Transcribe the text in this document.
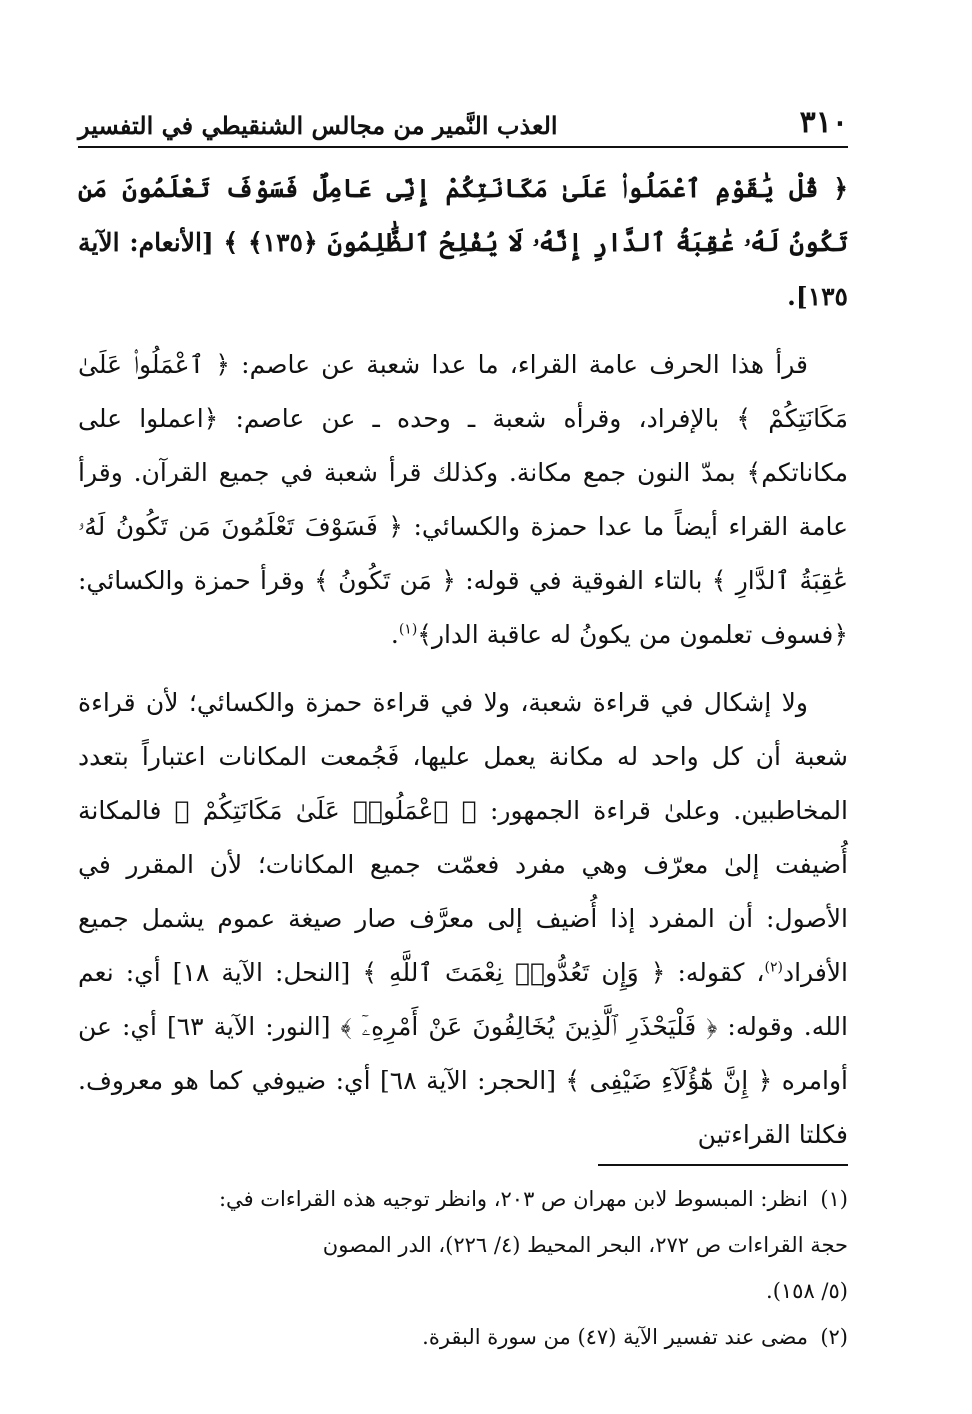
٣١٠
العذب النَّمير من مجالس الشنقيطي في التفسير

﴿ قُلْ يَٰقَوْمِ ٱعْمَلُوا۟ عَلَىٰ مَكَانَتِكُمْ إِنِّى عَامِلٌ فَسَوْفَ تَعْلَمُونَ مَن تَكُونُ لَهُۥ عَٰقِبَةُ ٱلدَّارِ إِنَّهُۥ لَا يُفْلِحُ ٱلظَّٰلِمُونَ ﴿١٣٥﴾ ﴾ [الأنعام: الآية ١٣٥].

قرأ هذا الحرف عامة القراء، ما عدا شعبة عن عاصم: ﴿ ٱعْمَلُوا۟ عَلَىٰ مَكَانَتِكُمْ ﴾ بالإفراد، وقرأه شعبة ـ وحده ـ عن عاصم: ﴿اعملوا على مكاناتكم﴾ بمدّ النون جمع مكانة. وكذلك قرأ شعبة في جميع القرآن. وقرأ عامة القراء أيضاً ما عدا حمزة والكسائي: ﴿ فَسَوْفَ تَعْلَمُونَ مَن تَكُونُ لَهُۥ عَٰقِبَةُ ٱلدَّارِ ﴾ بالتاء الفوقية في قوله: ﴿ مَن تَكُونُ ﴾ وقرأ حمزة والكسائي: ﴿فسوف تعلمون من يكونُ له عاقبة الدار﴾$^{(١)}$.

ولا إشكال في قراءة شعبة، ولا في قراءة حمزة والكسائي؛ لأن قراءة شعبة أن كل واحد له مكانة يعمل عليها، فَجُمعت المكانات اعتباراً بتعدد المخاطبين. وعلىٰ قراءة الجمهور: ﴿ ٱعْمَلُوا۟ عَلَىٰ مَكَانَتِكُمْ ﴾ فالمكانة أُضيفت إلىٰ معرّف وهي مفرد فعمّت جميع المكانات؛ لأن المقرر في الأصول: أن المفرد إذا أُضيف إلى معرَّف صار صيغة عموم يشمل جميع الأفراد$^{(٢)}$، كقوله: ﴿ وَإِن تَعُدُّوا۟ نِعْمَتَ ٱللَّهِ ﴾ [النحل: الآية ١٨] أي: نعم الله. وقوله: ﴿ فَلْيَحْذَرِ ٱلَّذِينَ يُخَالِفُونَ عَنْ أَمْرِهِۦٓ ﴾ [النور: الآية ٦٣] أي: عن أوامره ﴿ إِنَّ هَٰٓؤُلَآءِ ضَيْفِى ﴾ [الحجر: الآية ٦٨] أي: ضيوفي كما هو معروف. فكلتا القراءتين

(١)انظر: المبسوط لابن مهران ص ٢٠٣، وانظر توجيه هذه القراءات في:

حجة القراءات ص ٢٧٢، البحر المحيط (٤/ ٢٢٦)، الدر المصون

(٥/ ١٥٨).

(٢)مضى عند تفسير الآية (٤٧) من سورة البقرة.
